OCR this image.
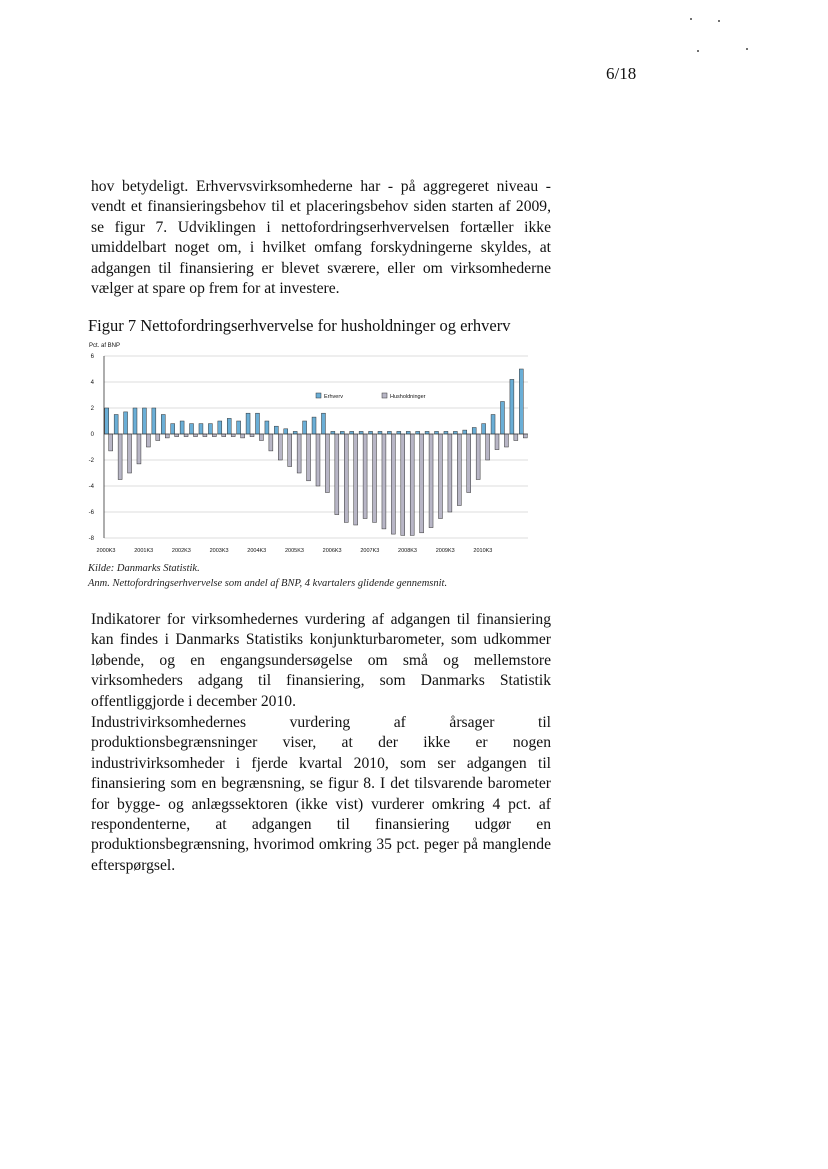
6/18

hov betydeligt. Erhvervsvirksomhederne har - på aggregeret niveau - vendt et finansieringsbehov til et placeringsbehov siden starten af 2009, se figur 7. Udviklingen i nettofordringserhvervelsen fortæller ikke umiddelbart noget om, i hvilket omfang forskydningerne skyldes, at adgangen til finansiering er blevet sværere, eller om virksomhederne vælger at spare op frem for at investere.

Figur 7 Nettofordringserhvervelse for husholdninger og erhverv
Pct. af BNP
6
4
2
0
-2
-4
-6
-8
2000K3	2001K3	2002K3	2003K3	2004K3	2005K3	2006K3	2007K3	2008K3	2009K3	2010K3
Erhverv	Husholdninger
Kilde: Danmarks Statistik.
Anm. Nettofordringserhvervelse som andel af BNP, 4 kvartalers glidende gennemsnit.

Indikatorer for virksomhedernes vurdering af adgangen til finansiering kan findes i Danmarks Statistiks konjunkturbarometer, som udkommer løbende, og en engangsundersøgelse om små og mellemstore virksomheders adgang til finansiering, som Danmarks Statistik offentliggjorde i december 2010.

Industrivirksomhedernes vurdering af årsager til produktionsbegrænsninger viser, at der ikke er nogen industrivirksomheder i fjerde kvartal 2010, som ser adgangen til finansiering som en begrænsning, se figur 8. I det tilsvarende barometer for bygge- og anlægssektoren (ikke vist) vurderer omkring 4 pct. af respondenterne, at adgangen til finansiering udgør en produktionsbegrænsning, hvorimod omkring 35 pct. peger på manglende efterspørgsel.
